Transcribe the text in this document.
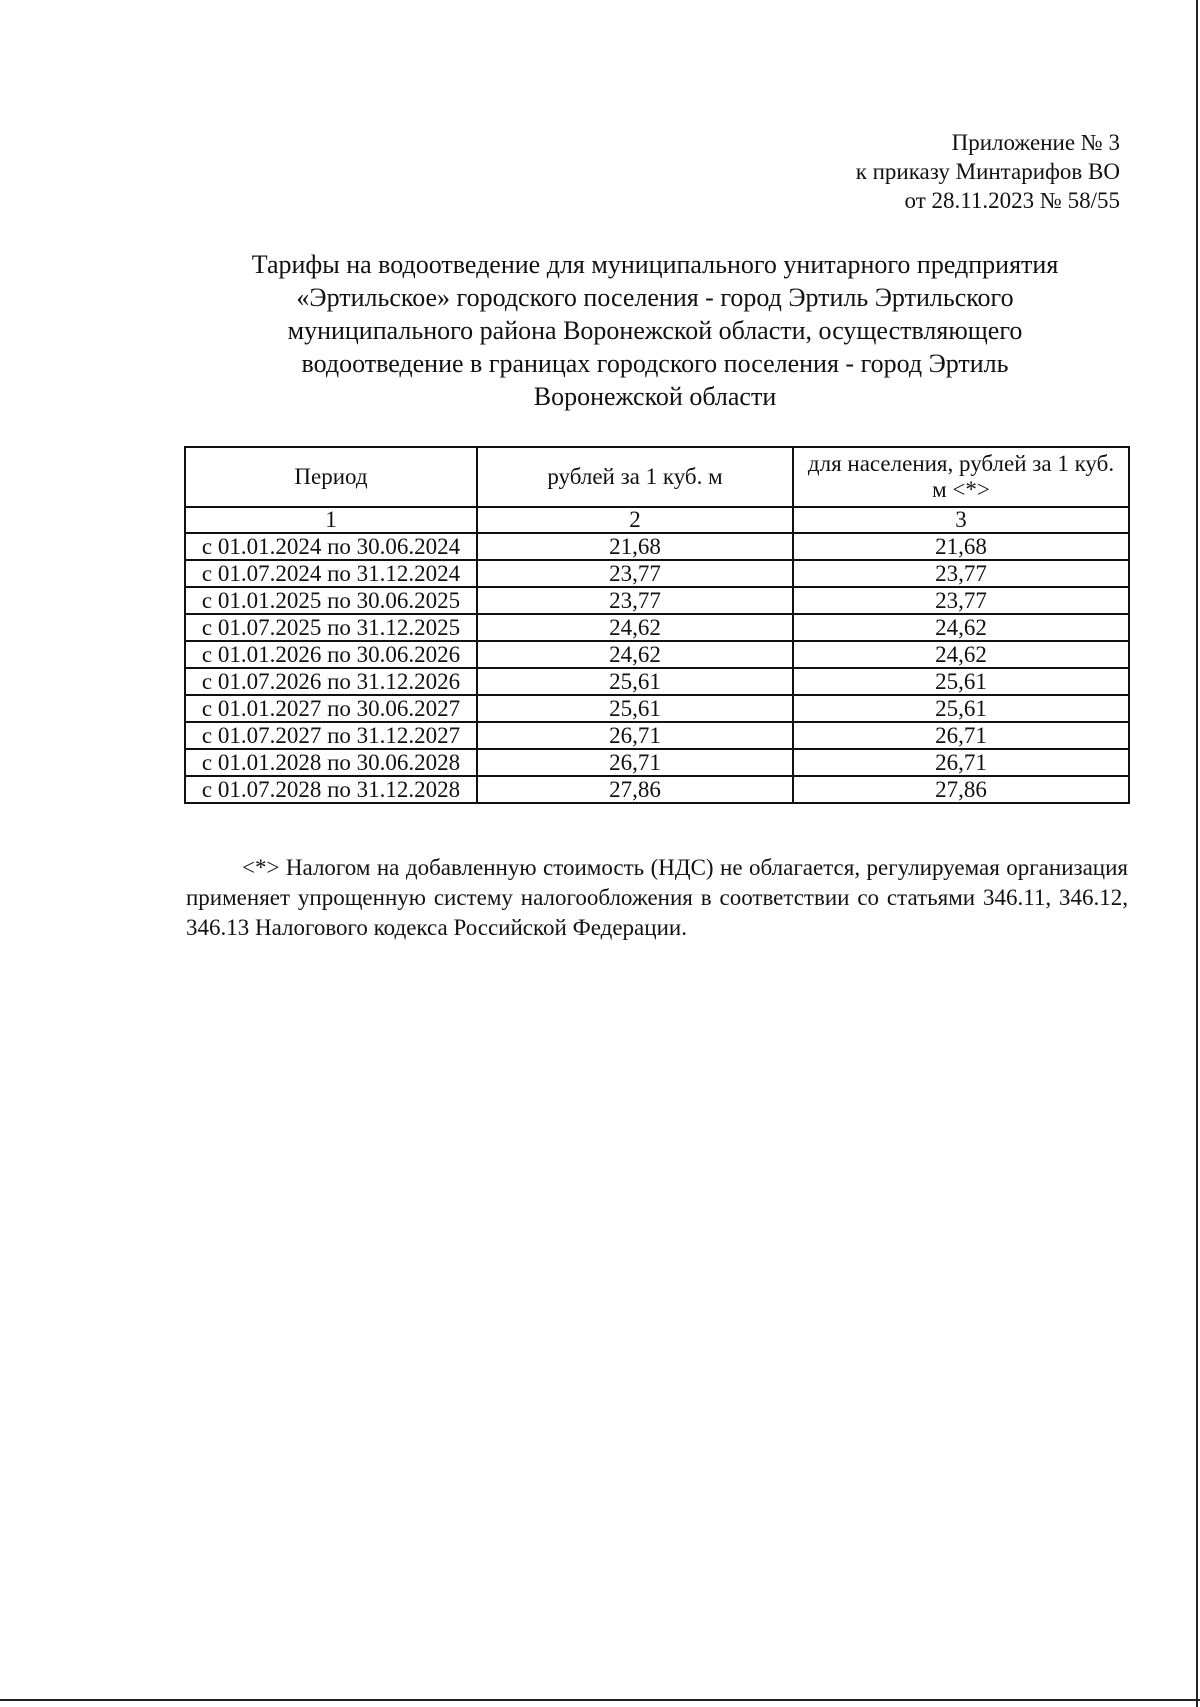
Приложение № 3
к приказу Минтарифов ВО
от 28.11.2023 № 58/55
Тарифы на водоотведение для муниципального унитарного предприятия
«Эртильское» городского поселения - город Эртиль Эртильского
муниципального района Воронежской области, осуществляющего
водоотведение в границах городского поселения - город Эртиль
Воронежской области
Период	рублей за 1 куб. м	для населения, рублей за 1 куб. м <*>
1	2	3
с 01.01.2024 по 30.06.2024	21,68	21,68
с 01.07.2024 по 31.12.2024	23,77	23,77
с 01.01.2025 по 30.06.2025	23,77	23,77
с 01.07.2025 по 31.12.2025	24,62	24,62
с 01.01.2026 по 30.06.2026	24,62	24,62
с 01.07.2026 по 31.12.2026	25,61	25,61
с 01.01.2027 по 30.06.2027	25,61	25,61
с 01.07.2027 по 31.12.2027	26,71	26,71
с 01.01.2028 по 30.06.2028	26,71	26,71
с 01.07.2028 по 31.12.2028	27,86	27,86
<*> Налогом на добавленную стоимость (НДС) не облагается, регулируемая организация применяет упрощенную систему налогообложения в соответствии со статьями 346.11, 346.12, 346.13 Налогового кодекса Российской Федерации.
